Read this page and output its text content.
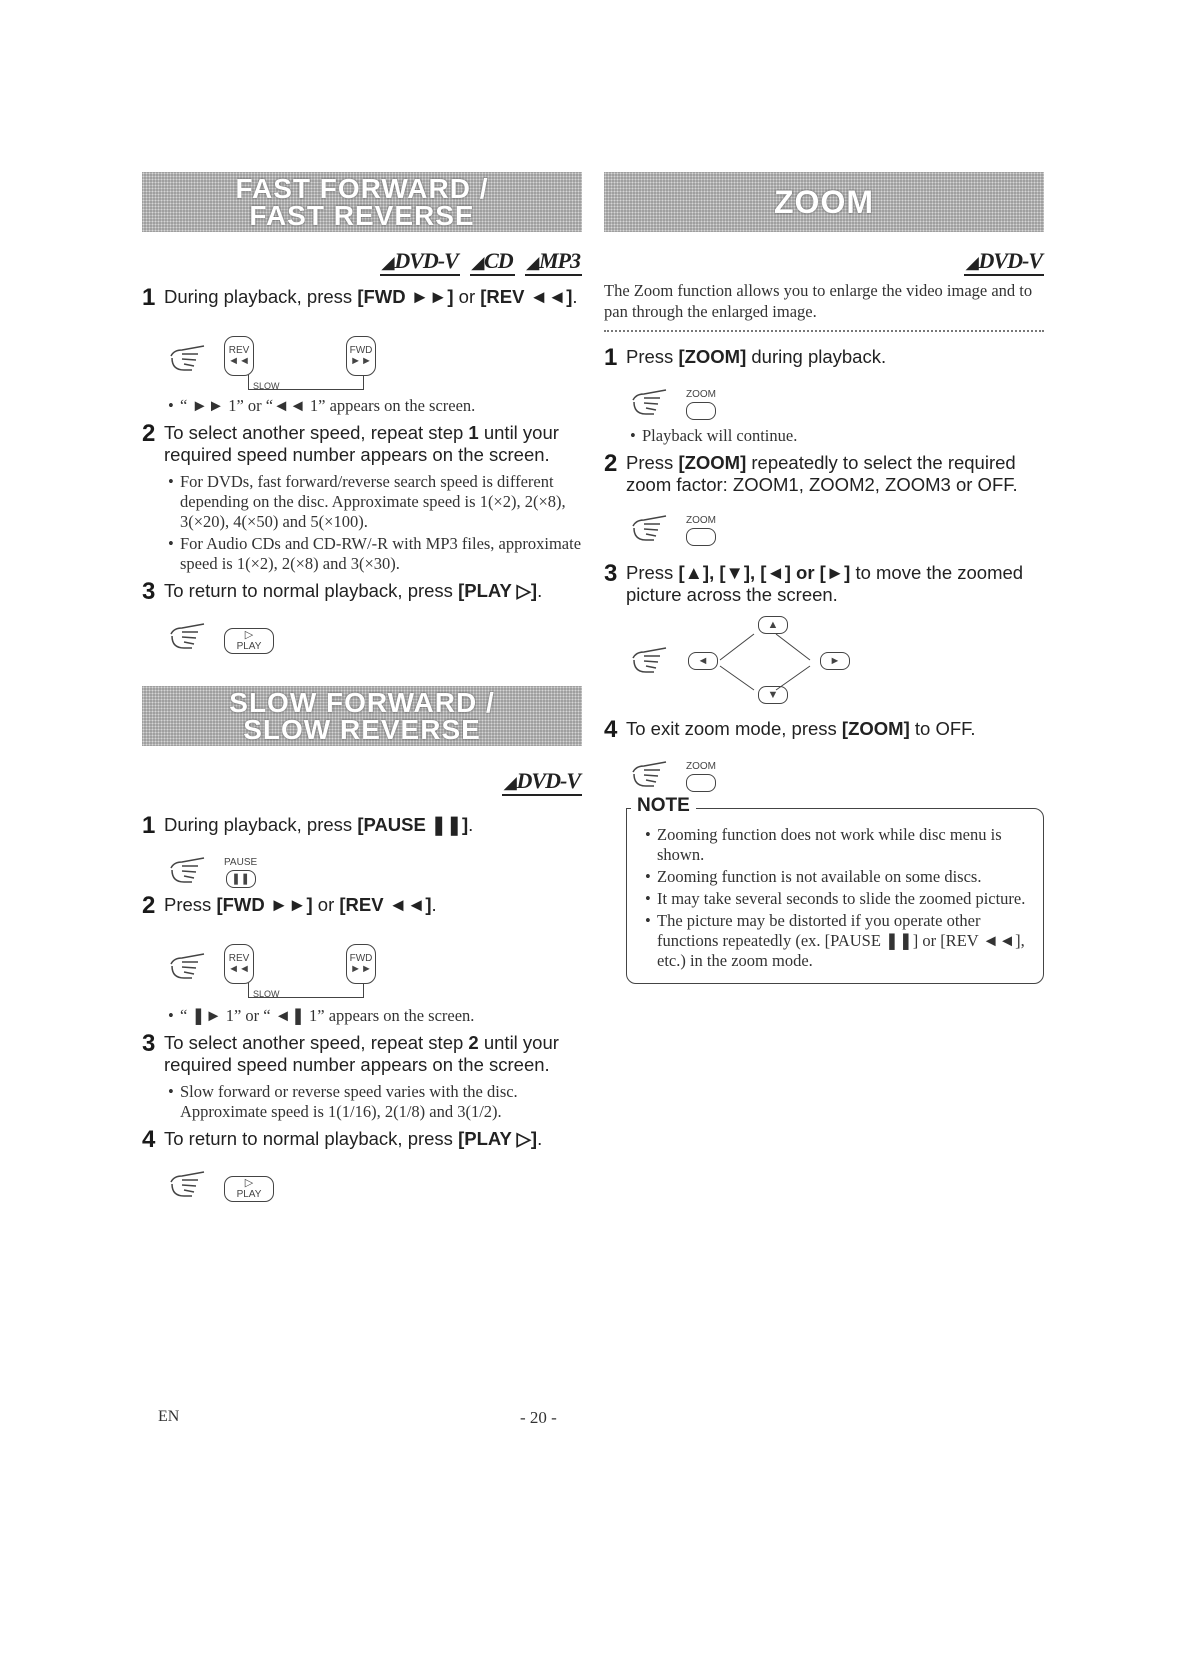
FAST FORWARD /
FAST REVERSE
◢ DVD-V	◢ CD	◢ MP3
1 During playback, press [FWD ►►] or [REV ◄◄].
REV
◄◄
FWD
►►
SLOW
• “ ►► 1” or “◄◄ 1” appears on the screen.
2 To select another speed, repeat step 1 until your required speed number appears on the screen.
• For DVDs, fast forward/reverse search speed is different depending on the disc. Approximate speed is 1(×2), 2(×8), 3(×20), 4(×50) and 5(×100).
• For Audio CDs and CD-RW/-R with MP3 files, approximate speed is 1(×2), 2(×8) and 3(×30).
3 To return to normal playback, press [PLAY ▷].
▷
PLAY
SLOW FORWARD /
SLOW REVERSE
◢ DVD-V
1 During playback, press [PAUSE ❚❚].
PAUSE
❚❚
2 Press [FWD ►►] or [REV ◄◄].
REV
◄◄
FWD
►►
SLOW
• “ ❚► 1” or “ ◄❚ 1” appears on the screen.
3 To select another speed, repeat step 2 until your required speed number appears on the screen.
• Slow forward or reverse speed varies with the disc. Approximate speed is 1(1/16), 2(1/8) and 3(1/2).
4 To return to normal playback, press [PLAY ▷].
▷
PLAY
ZOOM
◢ DVD-V

The Zoom function allows you to enlarge the video image and to pan through the enlarged image.

1 Press [ZOOM] during playback.
ZOOM
• Playback will continue.
2 Press [ZOOM] repeatedly to select the required zoom factor: ZOOM1, ZOOM2, ZOOM3 or OFF.
ZOOM
3 Press [▲], [▼], [◄] or [►] to move the zoomed picture across the screen.
▲
◄	►
▼
4 To exit zoom mode, press [ZOOM] to OFF.
ZOOM
NOTE
• Zooming function does not work while disc menu is shown.
• Zooming function is not available on some discs.
• It may take several seconds to slide the zoomed picture.
• The picture may be distorted if you operate other functions repeatedly (ex. [PAUSE ❚❚] or [REV ◄◄], etc.) in the zoom mode.
EN	- 20 -
